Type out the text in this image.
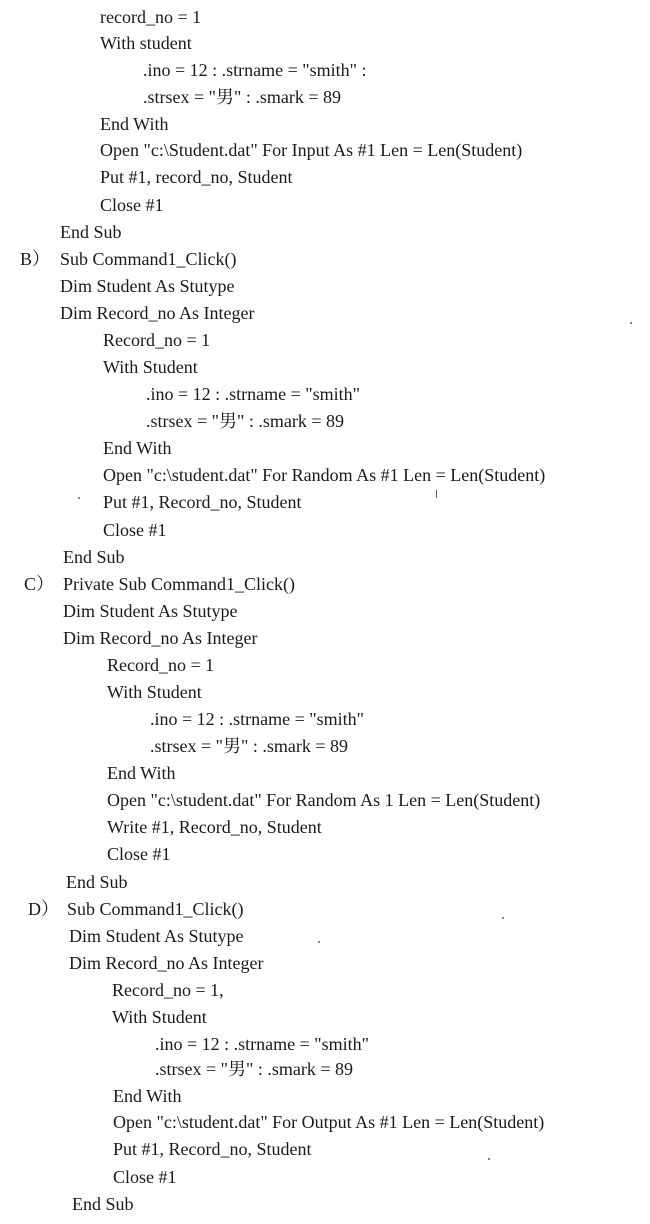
record_no = 1
With student
.ino = 12 : .strname = "smith" :
.strsex = "男" : .smark = 89
End With
Open "c:\Student.dat" For Input As #1 Len = Len(Student)
Put #1, record_no, Student
Close #1
End Sub
B） Sub Command1_Click()
Dim Student As Stutype
Dim Record_no As Integer
Record_no = 1
With Student
.ino = 12 : .strname = "smith"
.strsex = "男" : .smark = 89
End With
Open "c:\student.dat" For Random As #1 Len = Len(Student)
Put #1, Record_no, Student
Close #1
End Sub
C） Private Sub Command1_Click()
Dim Student As Stutype
Dim Record_no As Integer
Record_no = 1
With Student
.ino = 12 : .strname = "smith"
.strsex = "男" : .smark = 89
End With
Open "c:\student.dat" For Random As 1 Len = Len(Student)
Write #1, Record_no, Student
Close #1
End Sub
D） Sub Command1_Click()
Dim Student As Stutype
Dim Record_no As Integer
Record_no = 1,
With Student
.ino = 12 : .strname = "smith"
.strsex = "男" : .smark = 89
End With
Open "c:\student.dat" For Output As #1 Len = Len(Student)
Put #1, Record_no, Student
Close #1
End Sub
